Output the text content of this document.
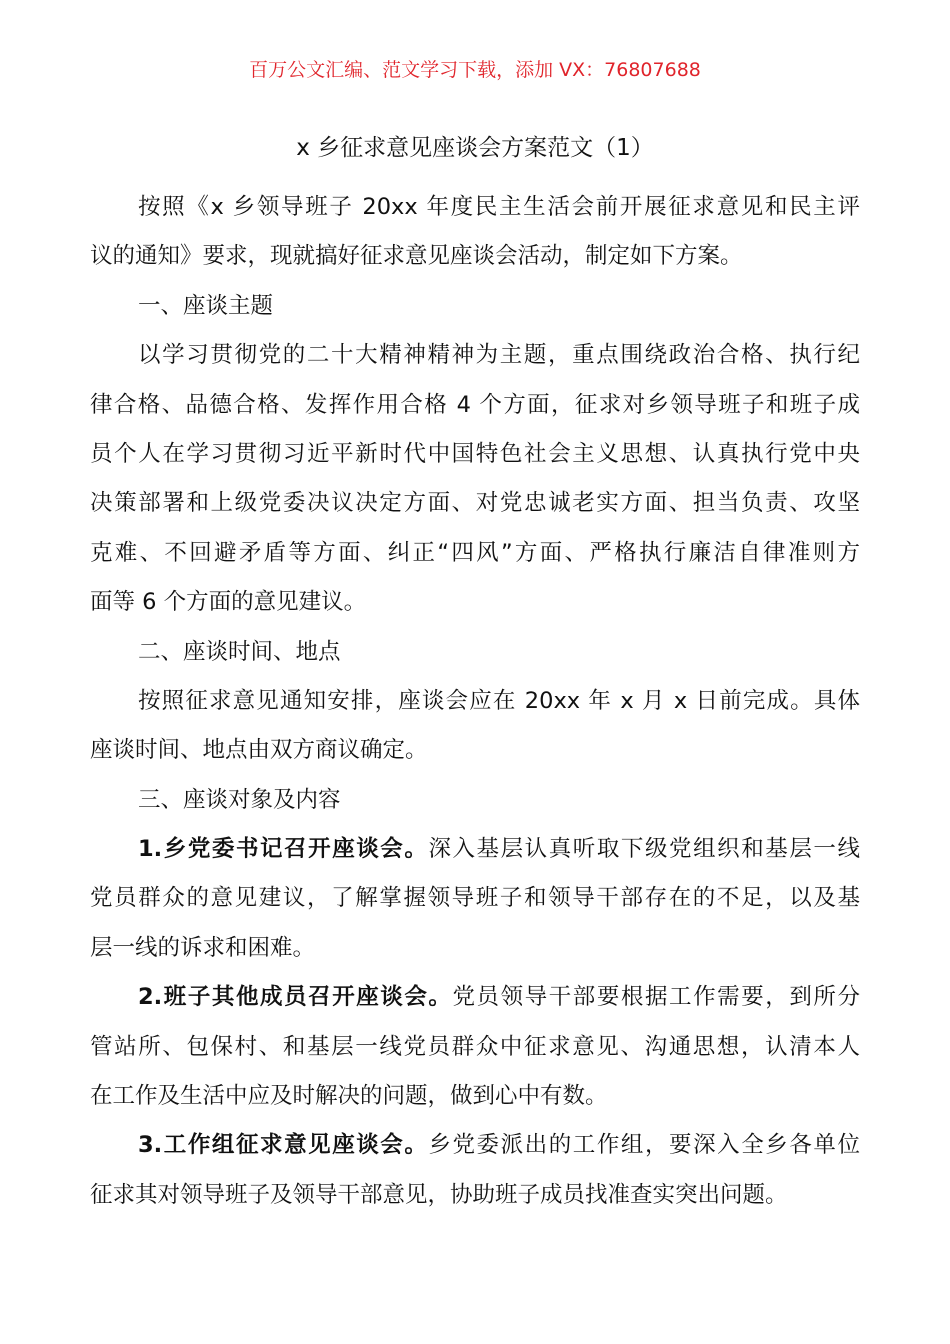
百万公文汇编、范文学习下载，添加 VX：76807688
x 乡征求意见座谈会方案范文（1）
按照《x 乡领导班子 20xx 年度民主生活会前开展征求意见和民主评
议的通知》要求，现就搞好征求意见座谈会活动，制定如下方案。
一、座谈主题
以学习贯彻党的二十大精神精神为主题，重点围绕政治合格、执行纪
律合格、品德合格、发挥作用合格 4 个方面，征求对乡领导班子和班子成
员个人在学习贯彻习近平新时代中国特色社会主义思想、认真执行党中央
决策部署和上级党委决议决定方面、对党忠诚老实方面、担当负责、攻坚
克难、不回避矛盾等方面、纠正“四风”方面、严格执行廉洁自律准则方
面等 6 个方面的意见建议。
二、座谈时间、地点
按照征求意见通知安排，座谈会应在 20xx 年 x 月 x 日前完成。具体
座谈时间、地点由双方商议确定。
三、座谈对象及内容
1.乡党委书记召开座谈会。深入基层认真听取下级党组织和基层一线
党员群众的意见建议，了解掌握领导班子和领导干部存在的不足，以及基
层一线的诉求和困难。
2.班子其他成员召开座谈会。党员领导干部要根据工作需要，到所分
管站所、包保村、和基层一线党员群众中征求意见、沟通思想，认清本人
在工作及生活中应及时解决的问题，做到心中有数。
3.工作组征求意见座谈会。乡党委派出的工作组，要深入全乡各单位
征求其对领导班子及领导干部意见，协助班子成员找准查实突出问题。
